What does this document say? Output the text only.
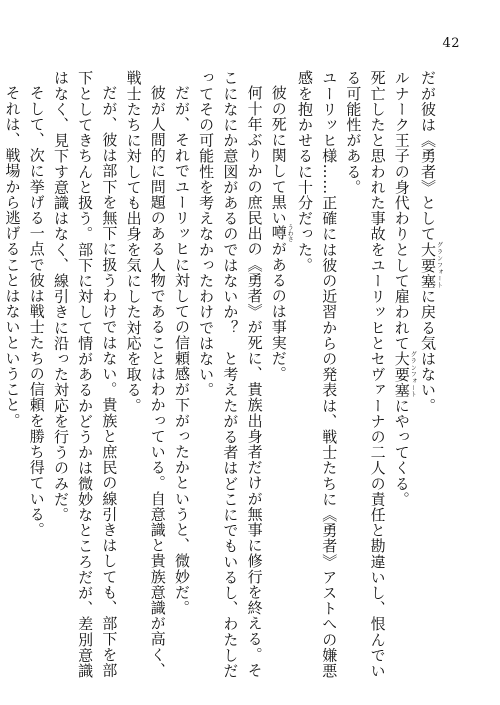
42

だが彼は《勇者》として大要塞グランフォートに戻る気はない。

ルナーク王子の身代わりとして雇われて大要塞グランフォートにやってくる。

死亡したと思われた事故をユーリッヒとセヴァーナの二人の責任と勘違いし、恨んでいる可能性がある。

ユーリッヒ様……正確には彼の近習からの発表は、戦士たちに《勇者》アストへの嫌悪感を抱かせるに十分だった。

彼の死に関して黒い噂うわさがあるのは事実だ。

何十年ぶりかの庶民出の《勇者》が死に、貴族出身者だけが無事に修行を終える。そこになにか意図があるのではないか？　と考えたがる者はどこにでもいるし、わたしだってその可能性を考えなかったわけではない。

だが、それでユーリッヒに対しての信頼感が下がったかというと、微妙だ。

彼が人間的に問題のある人物であることはわかっている。自意識と貴族意識が高く、戦士たちに対しても出身を気にした対応を取る。

だが、彼は部下を無下に扱うわけではない。貴族と庶民の線引きはしても、部下を部下としてきちんと扱う。部下に対して情があるかどうかは微妙なところだが、差別意識はなく、見下す意識はなく、線引きに沿った対応を行うのみだ。

そして、次に挙げる一点で彼は戦士たちの信頼を勝ち得ている。

それは、戦場から逃げることはないということ。
